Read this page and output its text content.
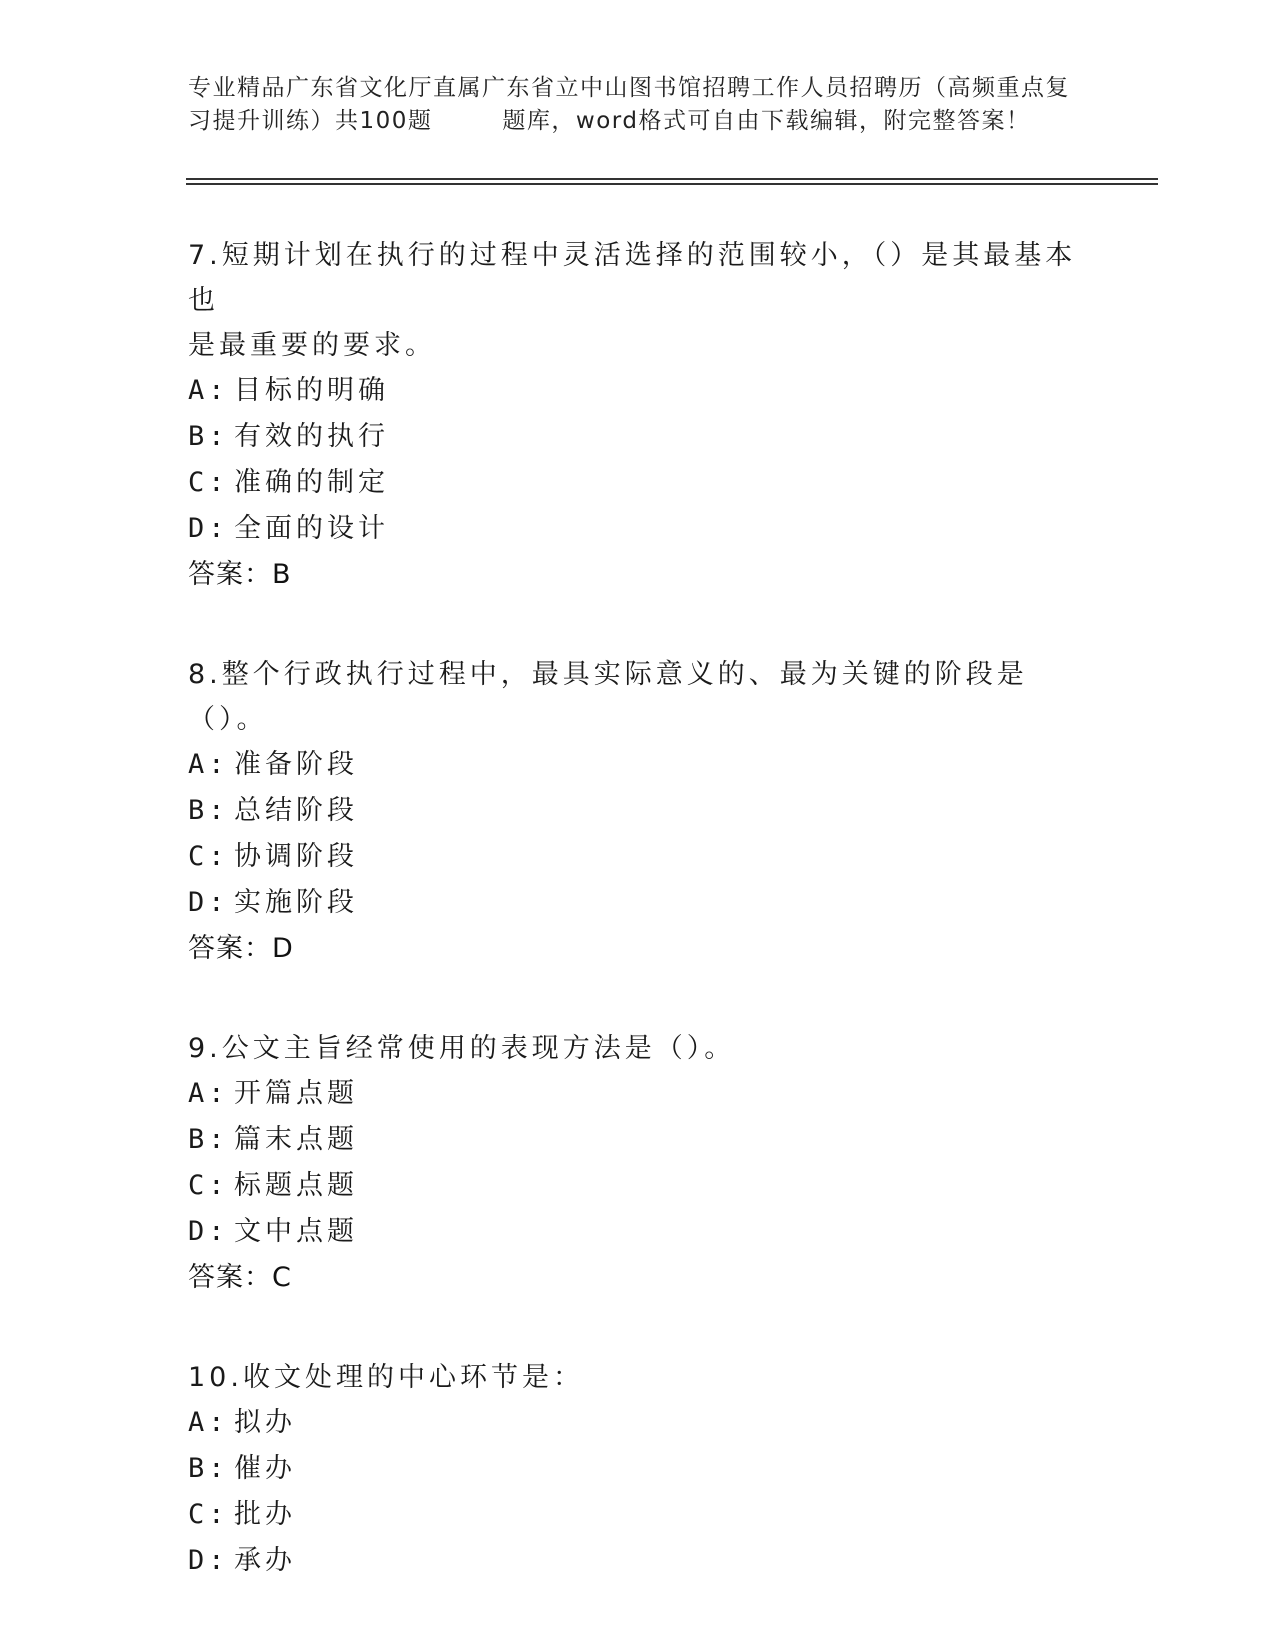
专业精品广东省文化厅直属广东省立中山图书馆招聘工作人员招聘历（高频重点复
习提升训练）共100题	题库，word格式可自由下载编辑，附完整答案！
7.短期计划在执行的过程中灵活选择的范围较小，（）是其最基本也
是最重要的要求。
A: 目标的明确
B: 有效的执行
C: 准确的制定
D: 全面的设计
答案：B
8.整个行政执行过程中，最具实际意义的、最为关键的阶段是（）。
A: 准备阶段
B: 总结阶段
C: 协调阶段
D: 实施阶段
答案：D
9.公文主旨经常使用的表现方法是（）。
A: 开篇点题
B: 篇末点题
C: 标题点题
D: 文中点题
答案：C
10.收文处理的中心环节是：
A: 拟办
B: 催办
C: 批办
D: 承办
